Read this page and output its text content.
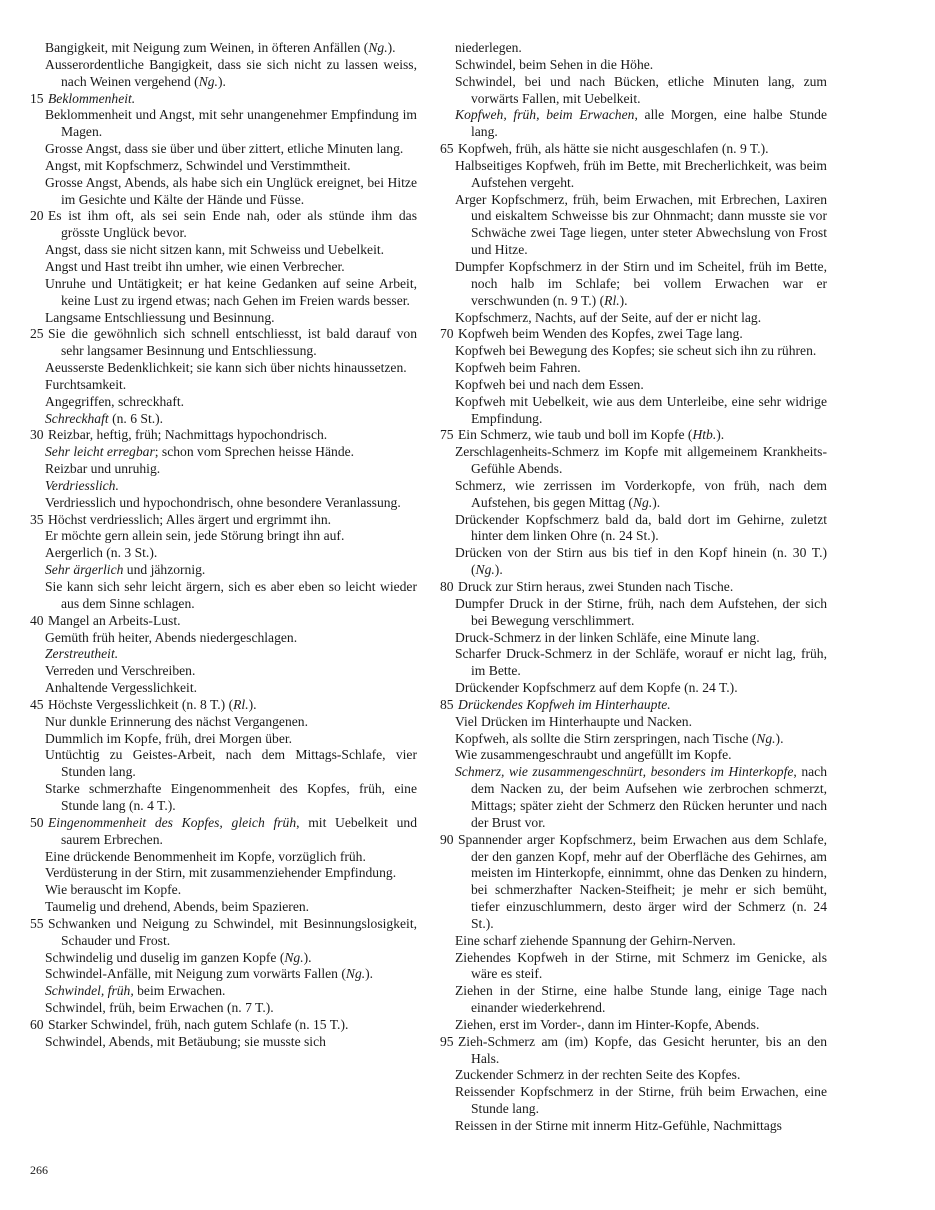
Bangigkeit, mit Neigung zum Weinen, in öfteren Anfällen (Ng.).

Ausserordentliche Bangigkeit, dass sie sich nicht zu lassen weiss, nach Weinen vergehend (Ng.).

15 Beklommenheit.

Beklommenheit und Angst, mit sehr unangenehmer Empfindung im Magen.

Grosse Angst, dass sie über und über zittert, etliche Minuten lang.

Angst, mit Kopfschmerz, Schwindel und Verstimmtheit.

Grosse Angst, Abends, als habe sich ein Unglück ereignet, bei Hitze im Gesichte und Kälte der Hände und Füsse.

20 Es ist ihm oft, als sei sein Ende nah, oder als stünde ihm das grösste Unglück bevor.

Angst, dass sie nicht sitzen kann, mit Schweiss und Uebelkeit.

Angst und Hast treibt ihn umher, wie einen Verbrecher.

Unruhe und Untätigkeit; er hat keine Gedanken auf seine Arbeit, keine Lust zu irgend etwas; nach Gehen im Freien wards besser.

Langsame Entschliessung und Besinnung.

25 Sie die gewöhnlich sich schnell entschliesst, ist bald darauf von sehr langsamer Besinnung und Entschliessung.

Aeusserste Bedenklichkeit; sie kann sich über nichts hinaussetzen.

Furchtsamkeit.

Angegriffen, schreckhaft.

Schreckhaft (n. 6 St.).

30 Reizbar, heftig, früh; Nachmittags hypochondrisch.

Sehr leicht erregbar; schon vom Sprechen heisse Hände.

Reizbar und unruhig.

Verdriesslich.

Verdriesslich und hypochondrisch, ohne besondere Veranlassung.

35 Höchst verdriesslich; Alles ärgert und ergrimmt ihn.

Er möchte gern allein sein, jede Störung bringt ihn auf.

Aergerlich (n. 3 St.).

Sehr ärgerlich und jähzornig.

Sie kann sich sehr leicht ärgern, sich es aber eben so leicht wieder aus dem Sinne schlagen.

40 Mangel an Arbeits-Lust.

Gemüth früh heiter, Abends niedergeschlagen.

Zerstreutheit.

Verreden und Verschreiben.

Anhaltende Vergesslichkeit.

45 Höchste Vergesslichkeit (n. 8 T.) (Rl.).

Nur dunkle Erinnerung des nächst Vergangenen.

Dummlich im Kopfe, früh, drei Morgen über.

Untüchtig zu Geistes-Arbeit, nach dem Mittags-Schlafe, vier Stunden lang.

Starke schmerzhafte Eingenommenheit des Kopfes, früh, eine Stunde lang (n. 4 T.).

50 Eingenommenheit des Kopfes, gleich früh, mit Uebelkeit und saurem Erbrechen.

Eine drückende Benommenheit im Kopfe, vorzüglich früh.

Verdüsterung in der Stirn, mit zusammenziehender Empfindung.

Wie berauscht im Kopfe.

Taumelig und drehend, Abends, beim Spazieren.

55 Schwanken und Neigung zu Schwindel, mit Besinnungslosigkeit, Schauder und Frost.

Schwindelig und duselig im ganzen Kopfe (Ng.).

Schwindel-Anfälle, mit Neigung zum vorwärts Fallen (Ng.).

Schwindel, früh, beim Erwachen.

Schwindel, früh, beim Erwachen (n. 7 T.).

60 Starker Schwindel, früh, nach gutem Schlafe (n. 15 T.).

Schwindel, Abends, mit Betäubung; sie musste sich

niederlegen.

Schwindel, beim Sehen in die Höhe.

Schwindel, bei und nach Bücken, etliche Minuten lang, zum vorwärts Fallen, mit Uebelkeit.

Kopfweh, früh, beim Erwachen, alle Morgen, eine halbe Stunde lang.

65 Kopfweh, früh, als hätte sie nicht ausgeschlafen (n. 9 T.).

Halbseitiges Kopfweh, früh im Bette, mit Brecherlichkeit, was beim Aufstehen vergeht.

Arger Kopfschmerz, früh, beim Erwachen, mit Erbrechen, Laxiren und eiskaltem Schweisse bis zur Ohnmacht; dann musste sie vor Schwäche zwei Tage liegen, unter steter Abwechslung von Frost und Hitze.

Dumpfer Kopfschmerz in der Stirn und im Scheitel, früh im Bette, noch halb im Schlafe; bei vollem Erwachen war er verschwunden (n. 9 T.) (Rl.).

Kopfschmerz, Nachts, auf der Seite, auf der er nicht lag.

70 Kopfweh beim Wenden des Kopfes, zwei Tage lang.

Kopfweh bei Bewegung des Kopfes; sie scheut sich ihn zu rühren.

Kopfweh beim Fahren.

Kopfweh bei und nach dem Essen.

Kopfweh mit Uebelkeit, wie aus dem Unterleibe, eine sehr widrige Empfindung.

75 Ein Schmerz, wie taub und boll im Kopfe (Htb.).

Zerschlagenheits-Schmerz im Kopfe mit allgemeinem Krankheits-Gefühle Abends.

Schmerz, wie zerrissen im Vorderkopfe, von früh, nach dem Aufstehen, bis gegen Mittag (Ng.).

Drückender Kopfschmerz bald da, bald dort im Gehirne, zuletzt hinter dem linken Ohre (n. 24 St.).

Drücken von der Stirn aus bis tief in den Kopf hinein (n. 30 T.) (Ng.).

80 Druck zur Stirn heraus, zwei Stunden nach Tische.

Dumpfer Druck in der Stirne, früh, nach dem Aufstehen, der sich bei Bewegung verschlimmert.

Druck-Schmerz in der linken Schläfe, eine Minute lang.

Scharfer Druck-Schmerz in der Schläfe, worauf er nicht lag, früh, im Bette.

Drückender Kopfschmerz auf dem Kopfe (n. 24 T.).

85 Drückendes Kopfweh im Hinterhaupte.

Viel Drücken im Hinterhaupte und Nacken.

Kopfweh, als sollte die Stirn zerspringen, nach Tische (Ng.).

Wie zusammengeschraubt und angefüllt im Kopfe.

Schmerz, wie zusammengeschnürt, besonders im Hinterkopfe, nach dem Nacken zu, der beim Aufsehen wie zerbrochen schmerzt, Mittags; später zieht der Schmerz den Rücken herunter und nach der Brust vor.

90 Spannender arger Kopfschmerz, beim Erwachen aus dem Schlafe, der den ganzen Kopf, mehr auf der Oberfläche des Gehirnes, am meisten im Hinterkopfe, einnimmt, ohne das Denken zu hindern, bei schmerzhafter Nacken-Steifheit; je mehr er sich bemüht, tiefer einzuschlummern, desto ärger wird der Schmerz (n. 24 St.).

Eine scharf ziehende Spannung der Gehirn-Nerven.

Ziehendes Kopfweh in der Stirne, mit Schmerz im Genicke, als wäre es steif.

Ziehen in der Stirne, eine halbe Stunde lang, einige Tage nach einander wiederkehrend.

Ziehen, erst im Vorder-, dann im Hinter-Kopfe, Abends.

95 Zieh-Schmerz am (im) Kopfe, das Gesicht herunter, bis an den Hals.

Zuckender Schmerz in der rechten Seite des Kopfes.

Reissender Kopfschmerz in der Stirne, früh beim Erwachen, eine Stunde lang.

Reissen in der Stirne mit innerm Hitz-Gefühle, Nachmittags

266
